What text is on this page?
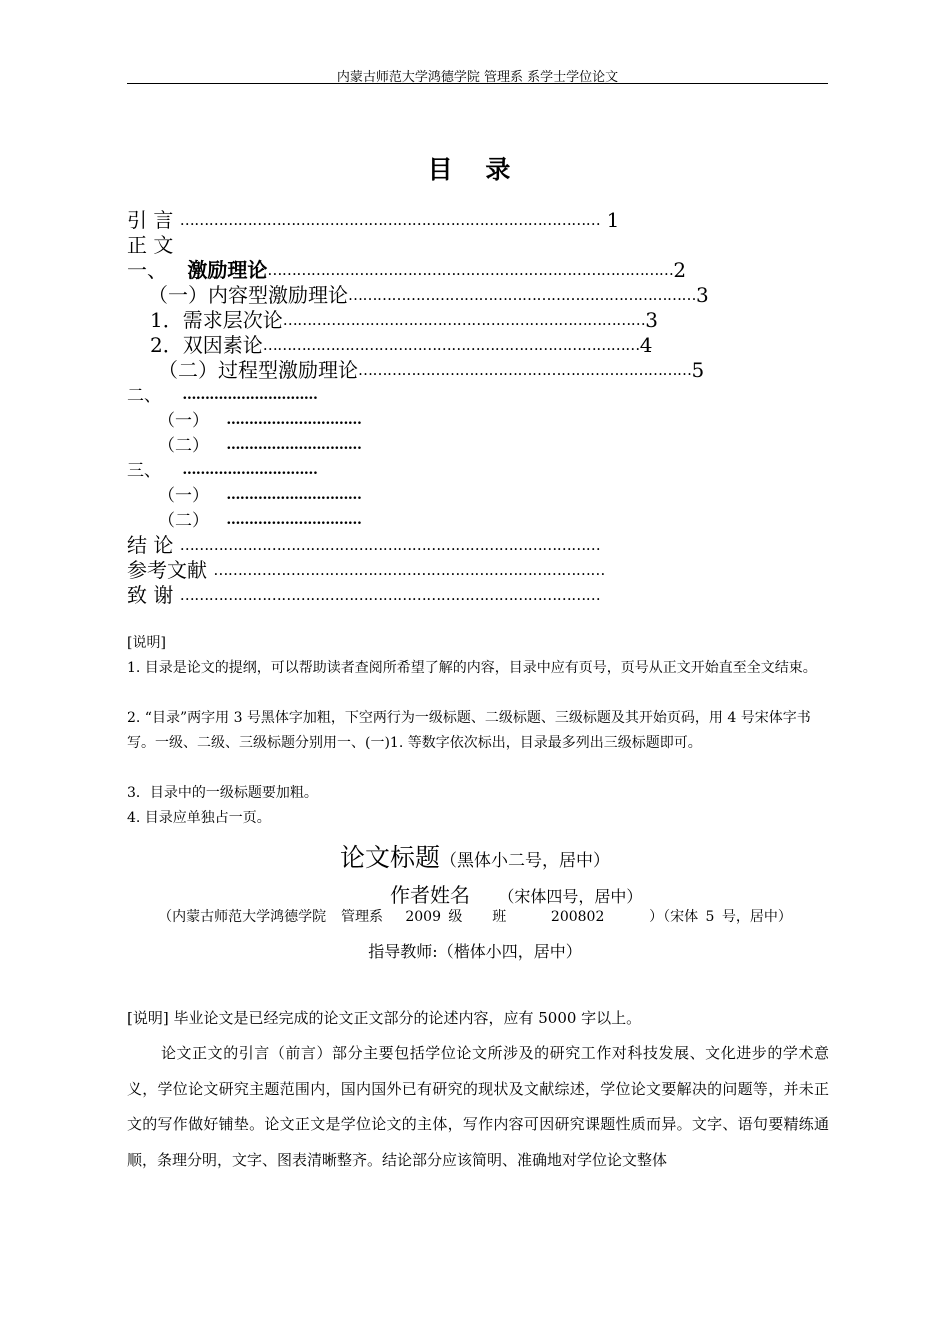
内蒙古师范大学鸿德学院 管理系 系学士学位论文
目 录
引 言 …………………………………………………………………………… 1
正 文
一、 激励理论…………………………………………………………………………2
（一）内容型激励理论………………………………………………………………3
1．需求层次论…………………………………………………………………3
2．双因素论……………………………………………………………………4
（二）过程型激励理论……………………………………………………………5
二、 …………………………
（一） …………………………
（二） …………………………
三、 …………………………
（一） …………………………
（二） …………………………
结 论 ……………………………………………………………………………
参考文献 ………………………………………………………………………
致 谢 ……………………………………………………………………………
[说明]
1. 目录是论文的提纲，可以帮助读者查阅所希望了解的内容，目录中应有页号，页号从正文开始直至全文结束。
2. “目录”两字用 3 号黑体字加粗，下空两行为一级标题、二级标题、三级标题及其开始页码，用 4 号宋体字书写。一级、二级、三级标题分别用一、(一)1. 等数字依次标出，目录最多列出三级标题即可。
3．目录中的一级标题要加粗。
4. 目录应单独占一页。
论文标题（黑体小二号，居中）
作者姓名 （宋体四号，居中）
（内蒙古师范大学鸿德学院  管理系   2009 级    班      200802      ）（宋体 5 号，居中）
指导教师:（楷体小四，居中）
[说明] 毕业论文是已经完成的论文正文部分的论述内容，应有 5000 字以上。
论文正文的引言（前言）部分主要包括学位论文所涉及的研究工作对科技发展、文化进步的学术意义，学位论文研究主题范围内，国内国外已有研究的现状及文献综述，学位论文要解决的问题等，并未正文的写作做好铺垫。论文正文是学位论文的主体，写作内容可因研究课题性质而异。文字、语句要精练通顺，条理分明，文字、图表清晰整齐。结论部分应该简明、准确地对学位论文整体
